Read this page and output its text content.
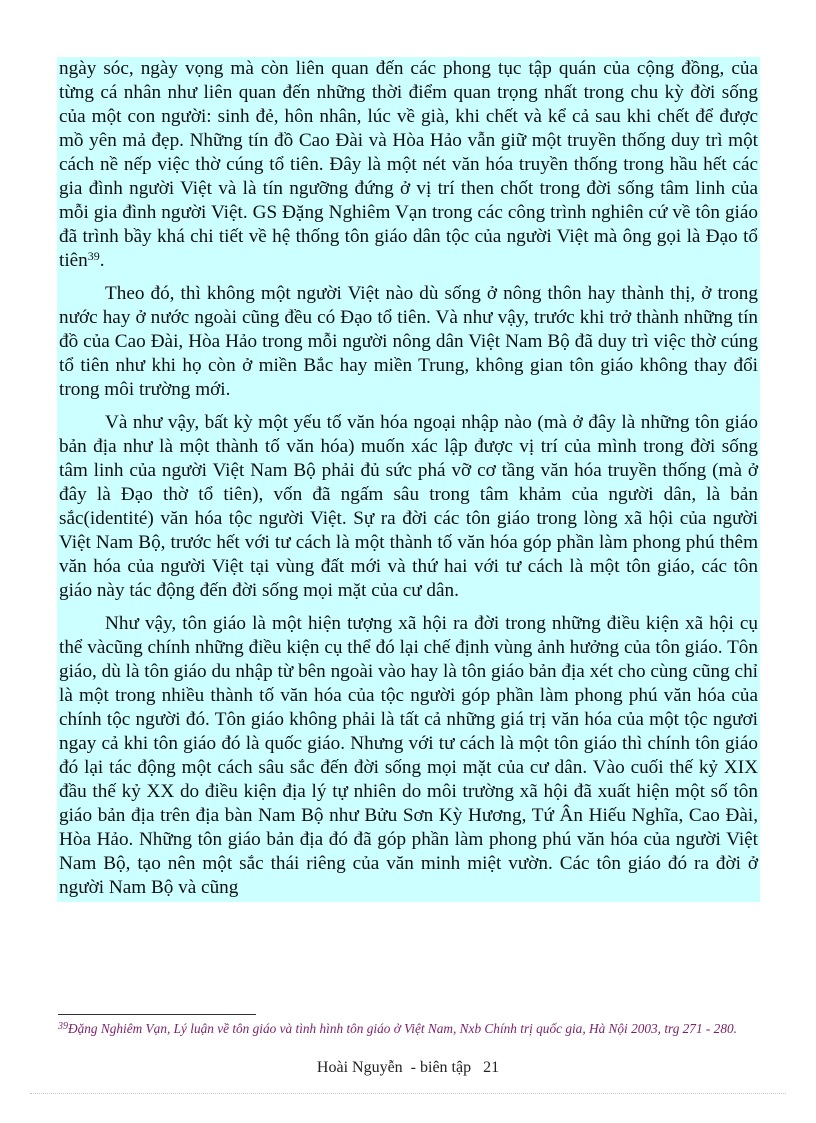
ngày sóc, ngày vọng mà còn liên quan đến các phong tục tập quán của cộng đồng, của từng cá nhân như liên quan đến những thời điểm quan trọng nhất trong chu kỳ đời sống của một con người: sinh đẻ, hôn nhân, lúc về già, khi chết và kể cả sau khi chết để được mồ yên mả đẹp. Những tín đồ Cao Đài và Hòa Hảo vẫn giữ một truyền thống duy trì một cách nề nếp việc thờ cúng tổ tiên. Đây là một nét văn hóa truyền thống trong hầu hết các gia đình người Việt và là tín ngưỡng đứng ở vị trí then chốt trong đời sống tâm linh của mỗi gia đình người Việt. GS Đặng Nghiêm Vạn trong các công trình nghiên cứ về tôn giáo đã trình bầy khá chi tiết về hệ thống tôn giáo dân tộc của người Việt mà ông gọi là Đạo tổ tiên$^{39}$.

Theo đó, thì không một người Việt nào dù sống ở nông thôn hay thành thị, ở trong nước hay ở nước ngoài cũng đều có Đạo tổ tiên. Và như vậy, trước khi trở thành những tín đồ của Cao Đài, Hòa Hảo trong mỗi người nông dân Việt Nam Bộ đã duy trì việc thờ cúng tổ tiên như khi họ còn ở miền Bắc hay miền Trung, không gian tôn giáo không thay đổi trong môi trường mới.

Và như vậy, bất kỳ một yếu tố văn hóa ngoại nhập nào (mà ở đây là những tôn giáo bản địa như là một thành tố văn hóa) muốn xác lập được vị trí của mình trong đời sống tâm linh của người Việt Nam Bộ phải đủ sức phá vỡ cơ tầng văn hóa truyền thống (mà ở đây là Đạo thờ tổ tiên), vốn đã ngấm sâu trong tâm khảm của người dân, là bản sắc(identité) văn hóa tộc người Việt. Sự ra đời các tôn giáo trong lòng xã hội của người Việt Nam Bộ, trước hết với tư cách là một thành tố văn hóa góp phần làm phong phú thêm văn hóa của người Việt tại vùng đất mới và thứ hai với tư cách là một tôn giáo, các tôn giáo này tác động đến đời sống mọi mặt của cư dân.

Như vậy, tôn giáo là một hiện tượng xã hội ra đời trong những điều kiện xã hội cụ thể vàcũng chính những điều kiện cụ thể đó lại chế định vùng ảnh hưởng của tôn giáo. Tôn giáo, dù là tôn giáo du nhập từ bên ngoài vào hay là tôn giáo bản địa xét cho cùng cũng chỉ là một trong nhiều thành tố văn hóa của tộc người góp phần làm phong phú văn hóa của chính tộc người đó. Tôn giáo không phải là tất cả những giá trị văn hóa của một tộc ngươi ngay cả khi tôn giáo đó là quốc giáo. Nhưng với tư cách là một tôn giáo thì chính tôn giáo đó lại tác động một cách sâu sắc đến đời sống mọi mặt của cư dân. Vào cuối thế kỷ XIX đầu thế kỷ XX do điều kiện địa lý tự nhiên do môi trường xã hội đã xuất hiện một số tôn giáo bản địa trên địa bàn Nam Bộ như Bửu Sơn Kỳ Hương, Tứ Ân Hiếu Nghĩa, Cao Đài, Hòa Hảo. Những tôn giáo bản địa đó đã góp phần làm phong phú văn hóa của người Việt Nam Bộ, tạo nên một sắc thái riêng của văn minh miệt vườn. Các tôn giáo đó ra đời ở người Nam Bộ và cũng

$^{39}$Đặng Nghiêm Vạn, Lý luận về tôn giáo và tình hình tôn giáo ở Việt Nam, Nxb Chính trị quốc gia, Hà Nội 2003, trg 271 - 280.

Hoài Nguyễn  - biên tập   21
